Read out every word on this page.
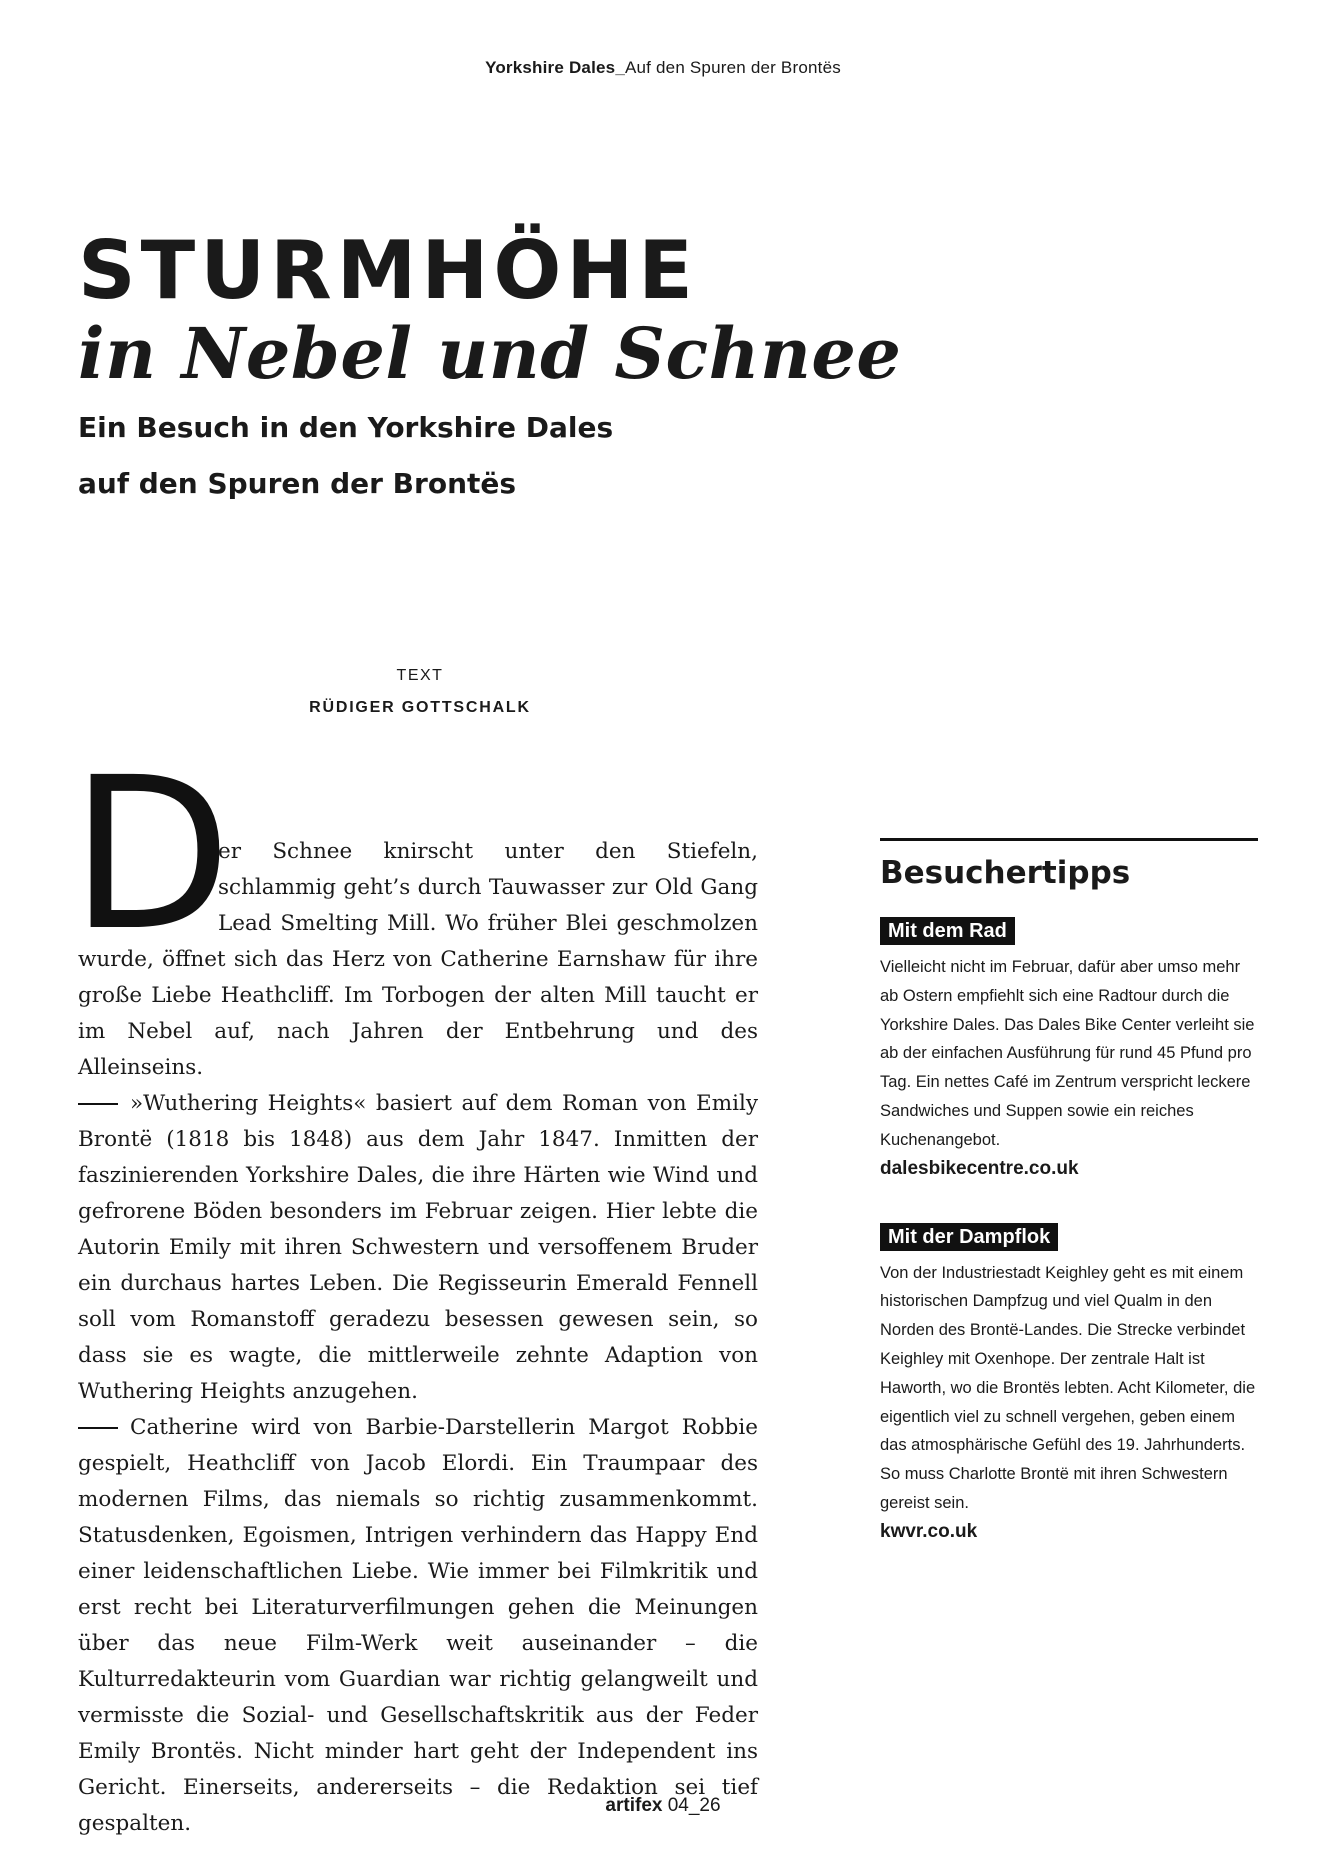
Yorkshire Dales_Auf den Spuren der Brontës
STURMHÖHE
in Nebel und Schnee
Ein Besuch in den Yorkshire Dales
auf den Spuren der Brontës
TEXT
RÜDIGER GOTTSCHALK
D

er Schnee knirscht unter den Stiefeln, schlammig geht’s durch Tauwasser zur Old Gang Lead Smelting Mill. Wo früher Blei geschmolzen wurde, öffnet sich das Herz von Catherine Earnshaw für ihre große Liebe Heathcliff. Im Torbogen der alten Mill taucht er im Nebel auf, nach Jahren der Entbehrung und des Alleinseins.

»Wuthering Heights« basiert auf dem Roman von Emily Brontë (1818 bis 1848) aus dem Jahr 1847. Inmitten der faszinierenden Yorkshire Dales, die ihre Härten wie Wind und gefrorene Böden besonders im Februar zeigen. Hier lebte die Autorin Emily mit ihren Schwestern und versoffenem Bruder ein durchaus hartes Leben. Die Regisseurin Emerald Fennell soll vom Romanstoff geradezu besessen gewesen sein, so dass sie es wagte, die mittlerweile zehnte Adaption von Wuthering Heights anzugehen.

Catherine wird von Barbie-Darstellerin Margot Robbie gespielt, Heathcliff von Jacob Elordi. Ein Traumpaar des modernen Films, das niemals so richtig zusammenkommt. Statusdenken, Egoismen, Intrigen verhindern das Happy End einer leidenschaftlichen Liebe. Wie immer bei Filmkritik und erst recht bei Literaturverfilmungen gehen die Meinungen über das neue Film-Werk weit auseinander – die Kulturredakteurin vom Guardian war richtig gelangweilt und vermisste die Sozial- und Gesellschaftskritik aus der Feder Emily Brontës. Nicht minder hart geht der Independent ins Gericht. Einerseits, andererseits – die Redaktion sei tief gespalten.

Besuchertipps
Mit dem Rad

Vielleicht nicht im Februar, dafür aber umso mehr ab Ostern empfiehlt sich eine Radtour durch die Yorkshire Dales. Das Dales Bike Center verleiht sie ab der einfachen Ausführung für rund 45 Pfund pro Tag. Ein nettes Café im Zentrum verspricht leckere Sandwiches und Suppen sowie ein reiches Kuchenangebot.

dalesbikecentre.co.uk

Mit der Dampflok

Von der Industriestadt Keighley geht es mit einem historischen Dampfzug und viel Qualm in den Norden des Brontë-Landes. Die Strecke verbindet Keighley mit Oxenhope. Der zentrale Halt ist Haworth, wo die Brontës lebten. Acht Kilometer, die eigentlich viel zu schnell vergehen, geben einem das atmosphärische Gefühl des 19. Jahrhunderts. So muss Charlotte Brontë mit ihren Schwestern gereist sein.

kwvr.co.uk

artifex 04_26
